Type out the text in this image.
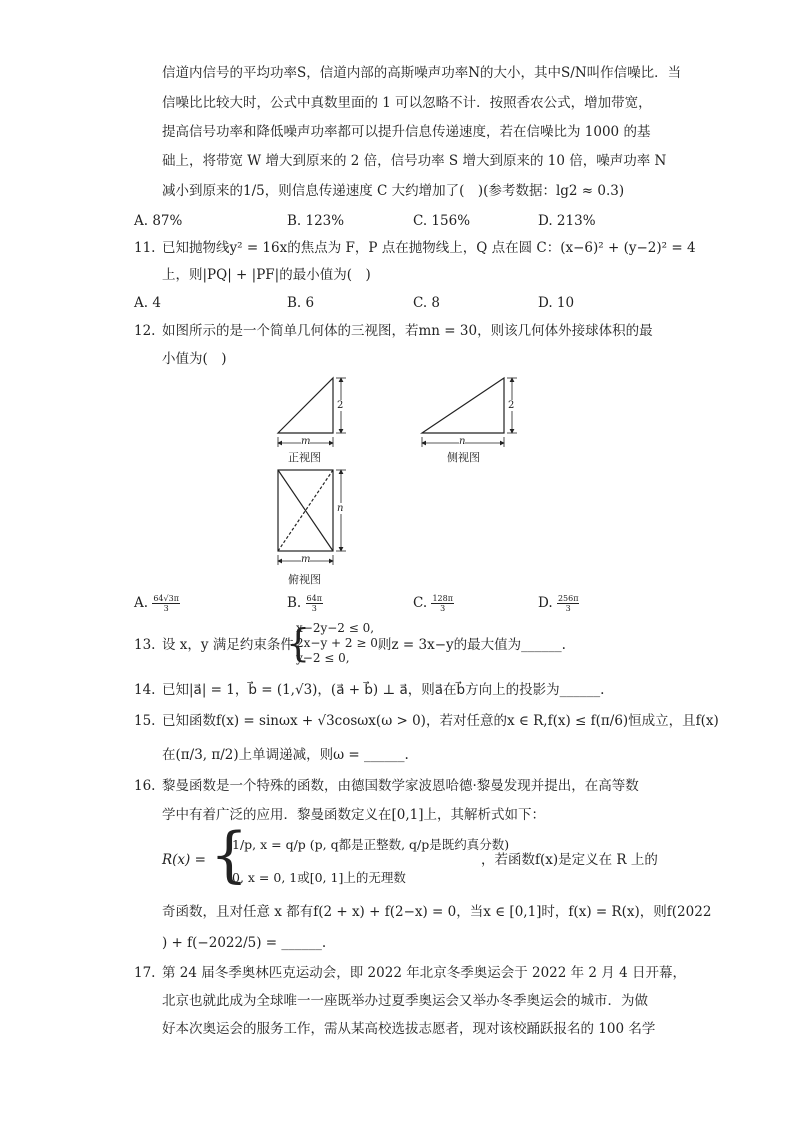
信道内信号的平均功率S，信道内部的高斯噪声功率N的大小，其中S/N叫作信噪比．当
信噪比比较大时，公式中真数里面的 1 可以忽略不计．按照香农公式，增加带宽，
提高信号功率和降低噪声功率都可以提升信息传递速度，若在信噪比为 1000 的基
础上，将带宽 W 增大到原来的 2 倍，信号功率 S 增大到原来的 10 倍，噪声功率 N
减小到原来的1/5，则信息传递速度 C 大约增加了(　)(参考数据：lg2 ≈ 0.3)
A. 87%	B. 123%	C. 156%	D. 213%
11. 已知抛物线y² = 16x的焦点为 F，P 点在抛物线上，Q 点在圆 C：(x−6)² + (y−2)² = 4
上，则|PQ| + |PF|的最小值为(　)
A. 4	B. 6	C. 8	D. 10
12. 如图所示的是一个简单几何体的三视图，若mn = 30，则该几何体外接球体积的最
小值为(　)
2
m
正视图
2
n
侧视图
n
m
俯视图
A. $\frac{64√3\pi}{3}$	B. $\frac{64\pi}{3}$	C. $\frac{128\pi}{3}$	D. $\frac{256\pi}{3}$
13. 设 x，y 满足约束条件
{
x−2y−2 ≤ 0,
2x−y + 2 ≥ 0,
y−2 ≤ 0,
则z = 3x−y的最大值为______.
14. 已知|a⃗| = 1，b⃗ = (1,√3)，(a⃗ + b⃗) ⊥ a⃗，则a⃗在b⃗方向上的投影为______.
15. 已知函数f(x) = sinωx + √3cosωx(ω > 0)，若对任意的x ∈ R,f(x) ≤ f(π/6)恒成立，且f(x)
在(π/3, π/2)上单调递减，则ω = ______.
16. 黎曼函数是一个特殊的函数，由德国数学家波恩哈德·黎曼发现并提出，在高等数
学中有着广泛的应用．黎曼函数定义在[0,1]上，其解析式如下：
R(x) = {
1/p, x = q/p (p, q都是正整数, q/p是既约真分数)
0, x = 0, 1或[0, 1]上的无理数
，若函数f(x)是定义在 R 上的
奇函数，且对任意 x 都有f(2 + x) + f(2−x) = 0，当x ∈ [0,1]时，f(x) = R(x)，则f(2022
) + f(−2022/5) = ______.
17. 第 24 届冬季奥林匹克运动会，即 2022 年北京冬季奥运会于 2022 年 2 月 4 日开幕，
北京也就此成为全球唯一一座既举办过夏季奥运会又举办冬季奥运会的城市．为做
好本次奥运会的服务工作，需从某高校选拔志愿者，现对该校踊跃报名的 100 名学
